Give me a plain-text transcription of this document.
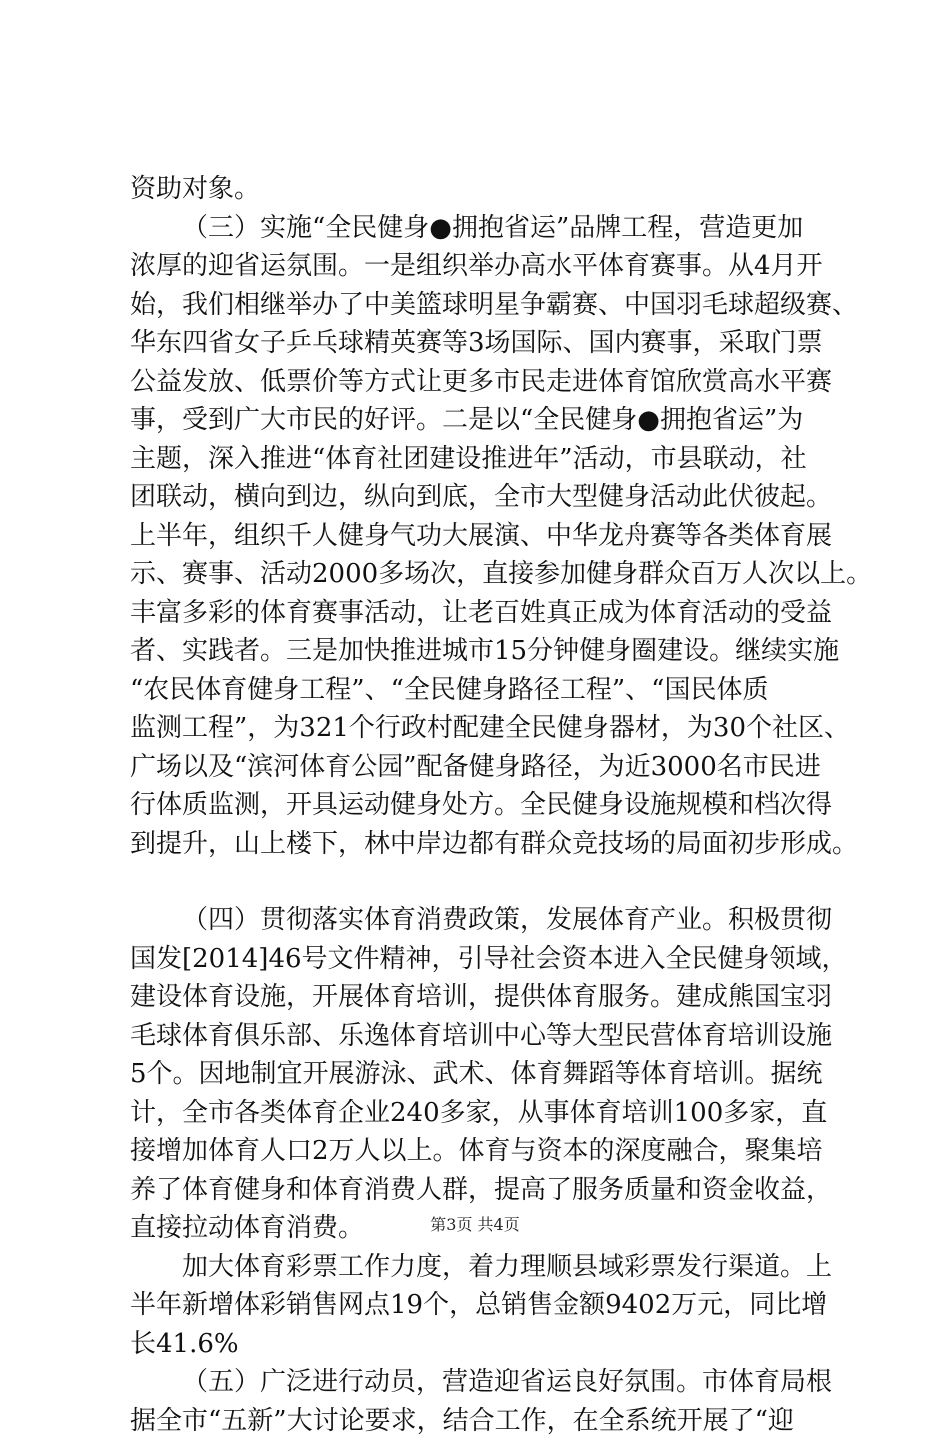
资助对象。
（三）实施“全民健身●拥抱省运”品牌工程，营造更加
浓厚的迎省运氛围。一是组织举办高水平体育赛事。从4月开
始，我们相继举办了中美篮球明星争霸赛、中国羽毛球超级赛、
华东四省女子乒乓球精英赛等3场国际、国内赛事，采取门票
公益发放、低票价等方式让更多市民走进体育馆欣赏高水平赛
事，受到广大市民的好评。二是以“全民健身●拥抱省运”为
主题，深入推进“体育社团建设推进年”活动，市县联动，社
团联动，横向到边，纵向到底，全市大型健身活动此伏彼起。
上半年，组织千人健身气功大展演、中华龙舟赛等各类体育展
示、赛事、活动2000多场次，直接参加健身群众百万人次以上。
丰富多彩的体育赛事活动，让老百姓真正成为体育活动的受益
者、实践者。三是加快推进城市15分钟健身圈建设。继续实施
“农民体育健身工程”、“全民健身路径工程”、“国民体质
监测工程”，为321个行政村配建全民健身器材，为30个社区、
广场以及“滨河体育公园”配备健身路径，为近3000名市民进
行体质监测，开具运动健身处方。全民健身设施规模和档次得
到提升，山上楼下，林中岸边都有群众竞技场的局面初步形成。
（四）贯彻落实体育消费政策，发展体育产业。积极贯彻
国发[2014]46号文件精神，引导社会资本进入全民健身领域，
建设体育设施，开展体育培训，提供体育服务。建成熊国宝羽
毛球体育俱乐部、乐逸体育培训中心等大型民营体育培训设施
5个。因地制宜开展游泳、武术、体育舞蹈等体育培训。据统
计，全市各类体育企业240多家，从事体育培训100多家，直
接增加体育人口2万人以上。体育与资本的深度融合，聚集培
养了体育健身和体育消费人群，提高了服务质量和资金收益，
直接拉动体育消费。
加大体育彩票工作力度，着力理顺县域彩票发行渠道。上
半年新增体彩销售网点19个，总销售金额9402万元，同比增
长41.6%
（五）广泛进行动员，营造迎省运良好氛围。市体育局根
据全市“五新”大讨论要求，结合工作，在全系统开展了“迎
第3页 共4页
